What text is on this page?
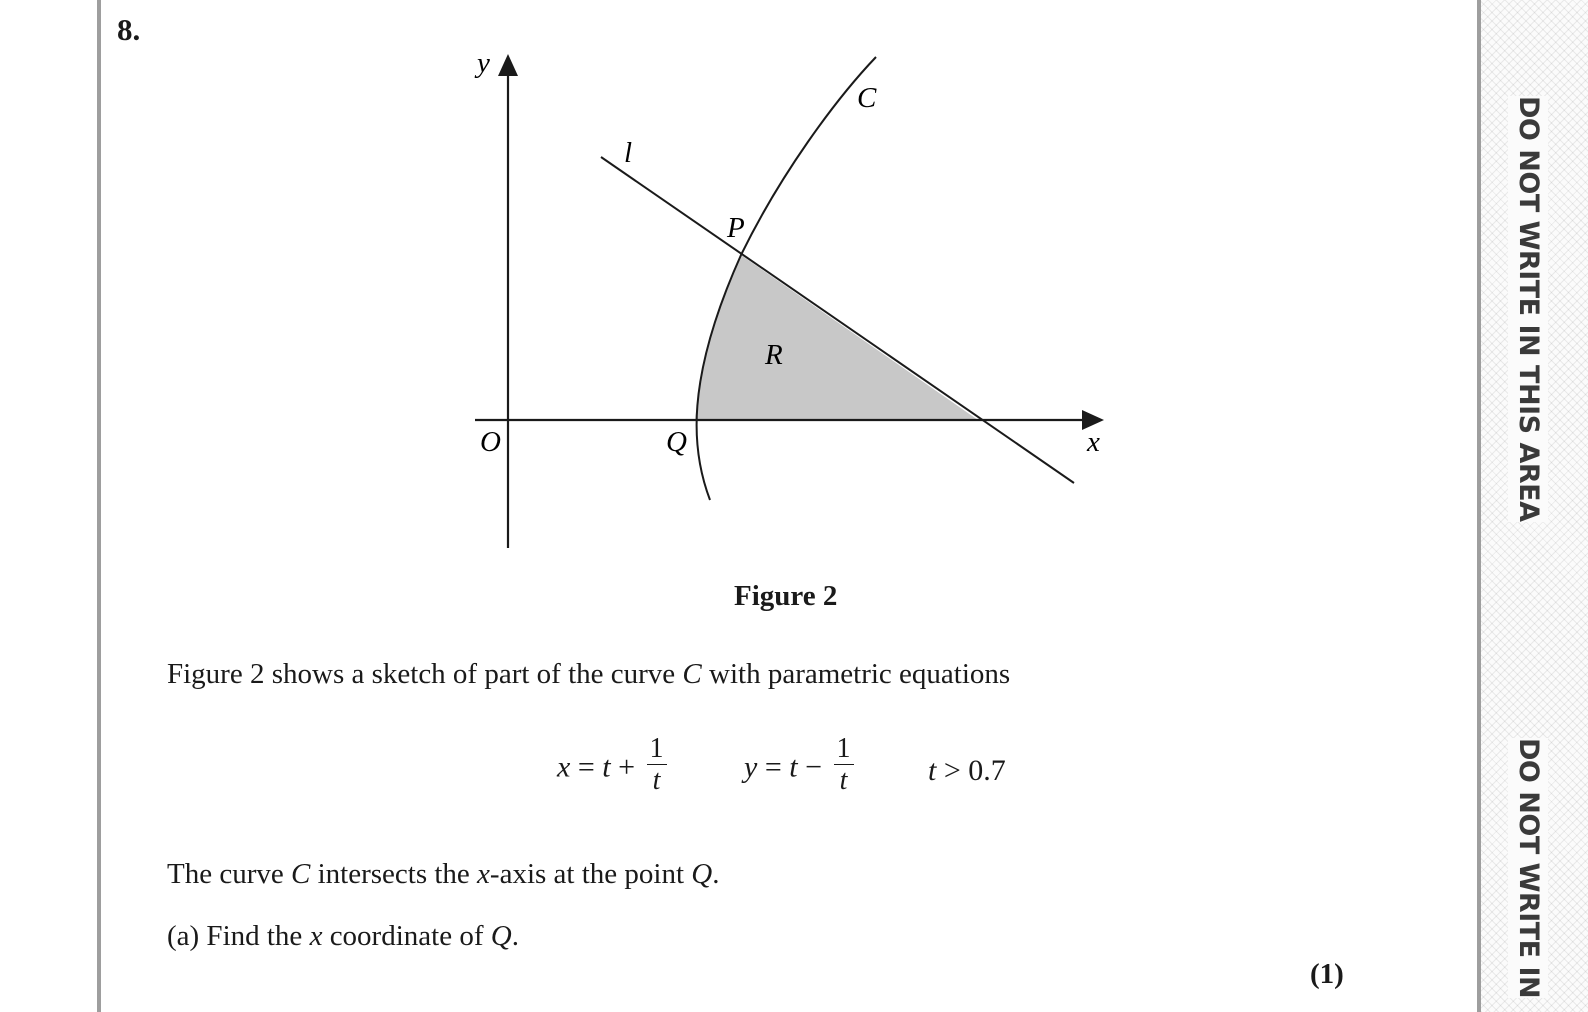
DO NOT WRITE IN THIS AREA
DO NOT WRITE IN
8.
y
l
C
P
R
O	Q	x
Figure 2
Figure 2 shows a sketch of part of the curve C with parametric equations
$x = t + \frac{1}{t}$	$y = t - \frac{1}{t}$ t > 0.7
The curve C intersects the x-axis at the point Q.
(a) Find the x coordinate of Q.
(1)
